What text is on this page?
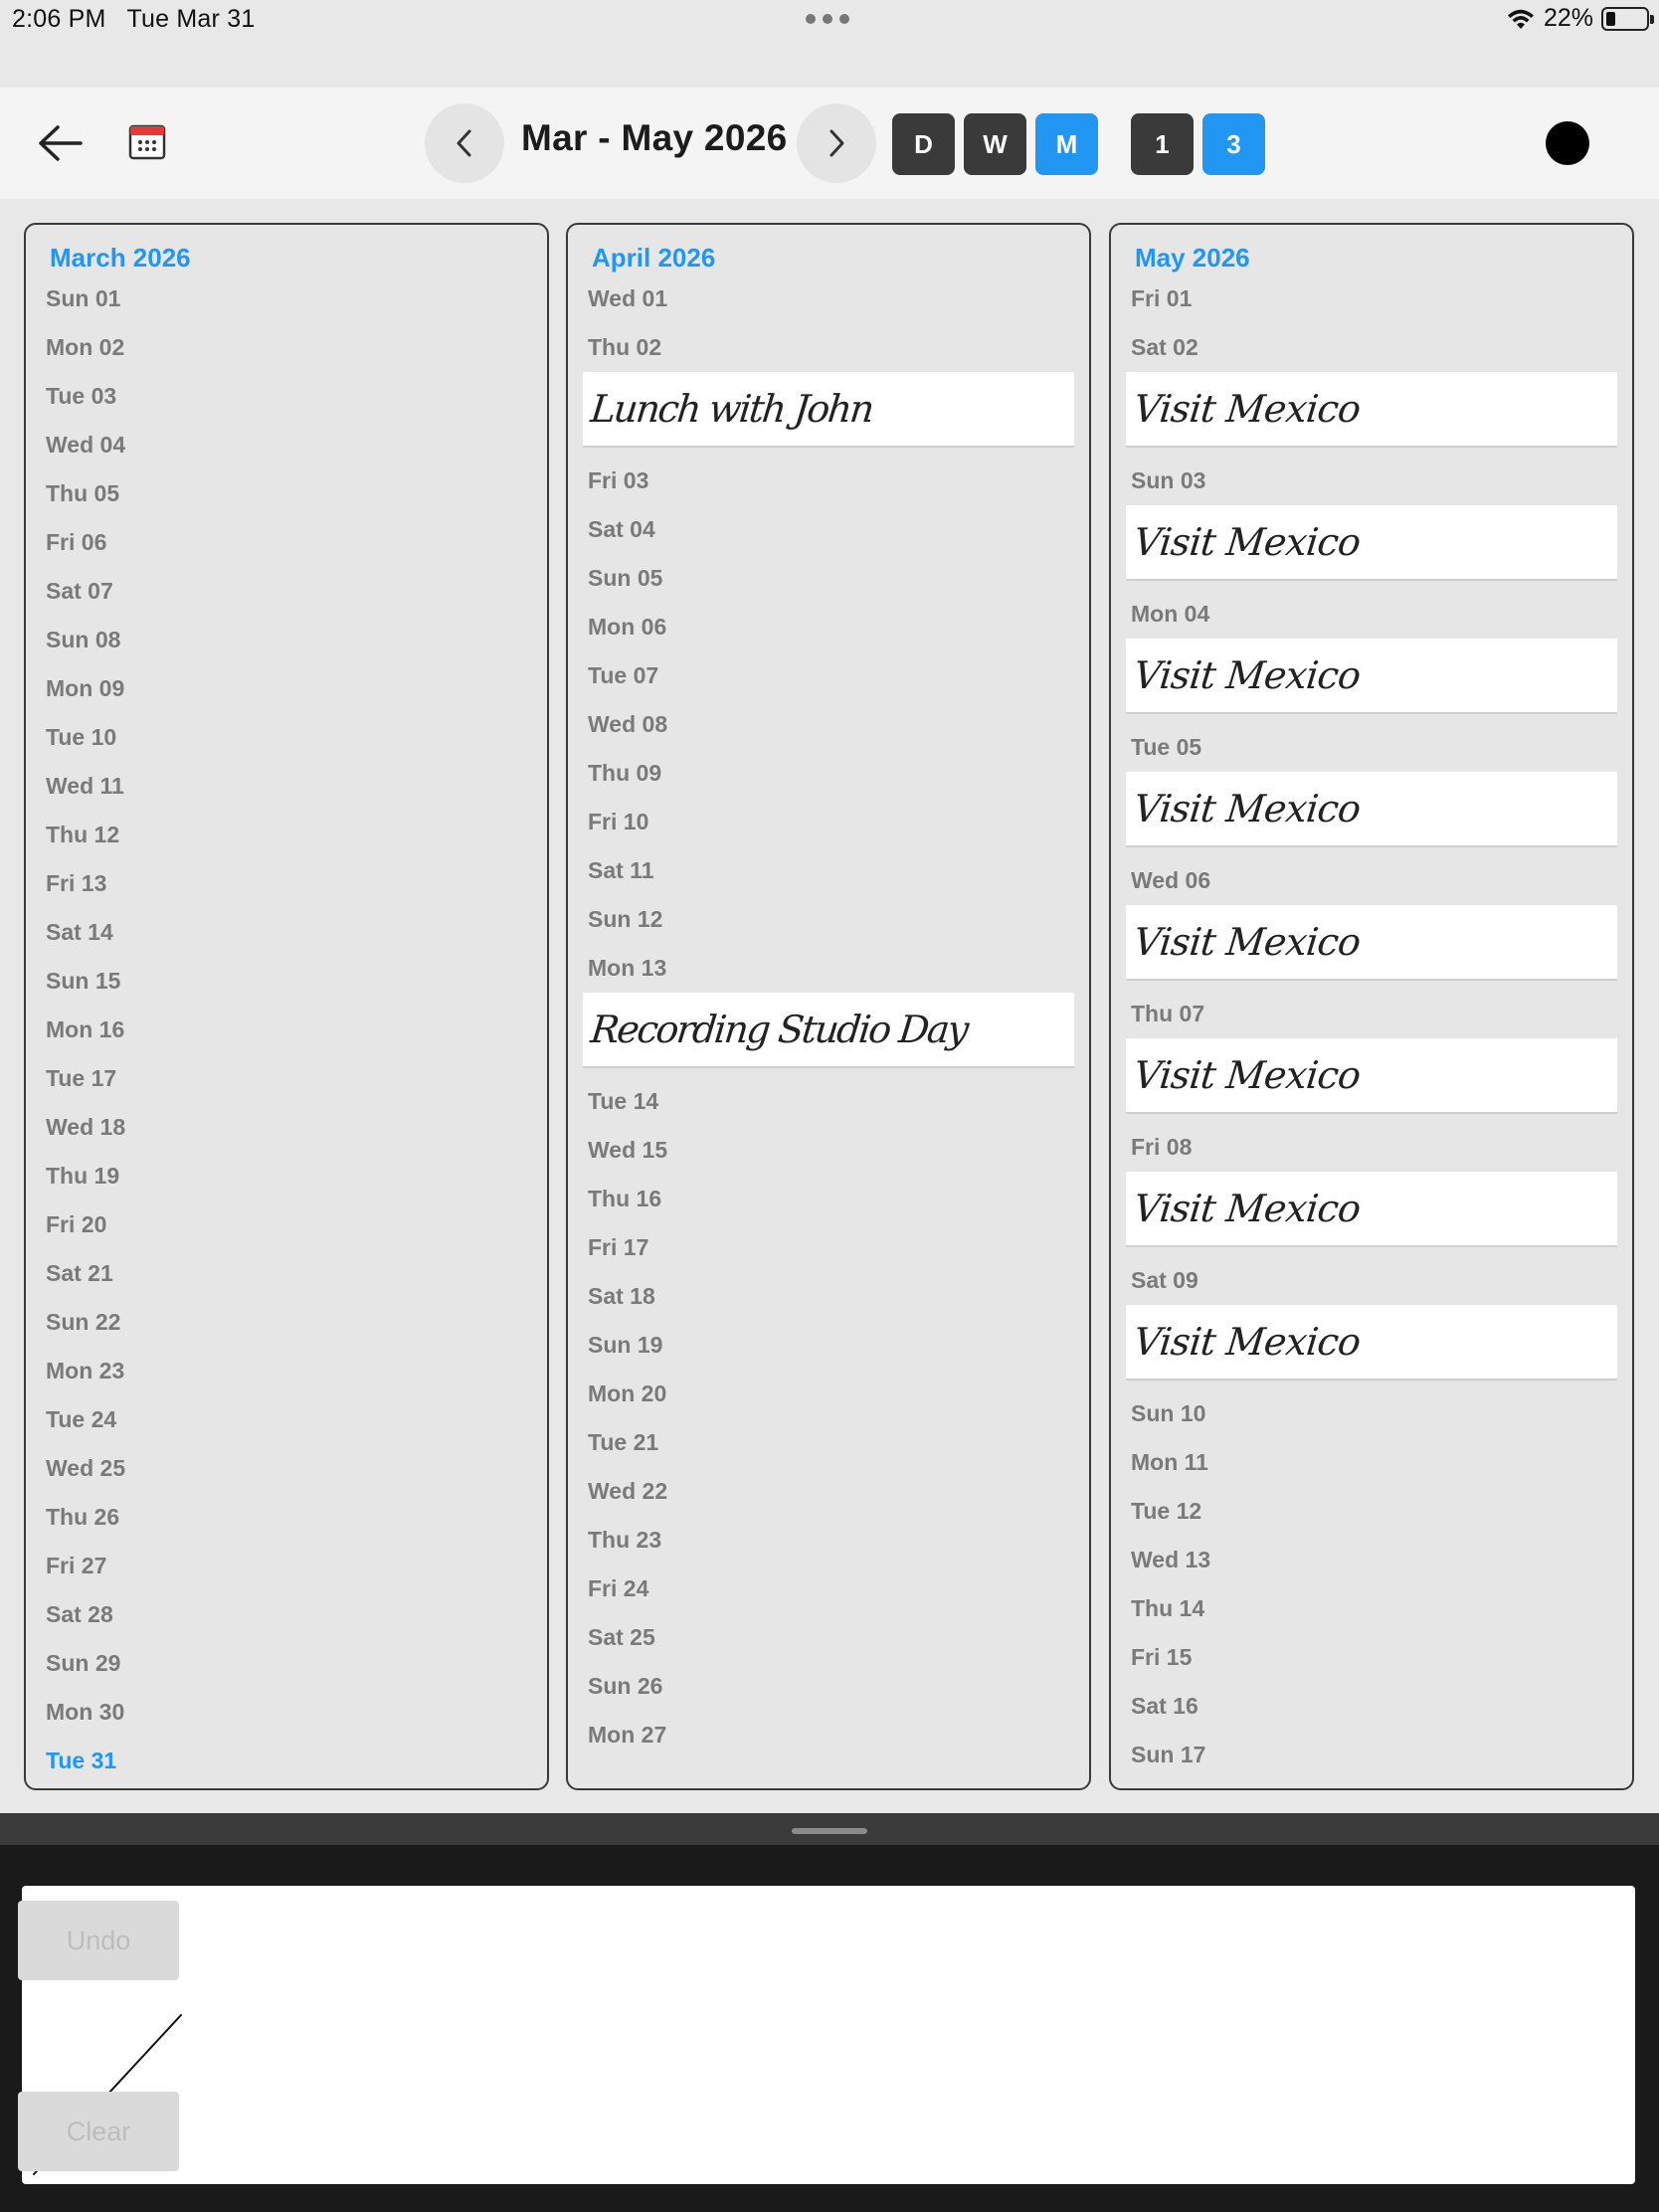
2:06 PM Tue Mar 31	22%
Mar - May 2026	D	W	M	1	3
March 2026
Sun 01
Mon 02
Tue 03
Wed 04
Thu 05
Fri 06
Sat 07
Sun 08
Mon 09
Tue 10
Wed 11
Thu 12
Fri 13
Sat 14
Sun 15
Mon 16
Tue 17
Wed 18
Thu 19
Fri 20
Sat 21
Sun 22
Mon 23
Tue 24
Wed 25
Thu 26
Fri 27
Sat 28
Sun 29
Mon 30
Tue 31
April 2026
Wed 01
Thu 02
Lunch with John
Fri 03
Sat 04
Sun 05
Mon 06
Tue 07
Wed 08
Thu 09
Fri 10
Sat 11
Sun 12
Mon 13
Recording Studio Day
Tue 14
Wed 15
Thu 16
Fri 17
Sat 18
Sun 19
Mon 20
Tue 21
Wed 22
Thu 23
Fri 24
Sat 25
Sun 26
Mon 27
May 2026
Fri 01
Sat 02
Visit Mexico
Sun 03
Visit Mexico
Mon 04
Visit Mexico
Tue 05
Visit Mexico
Wed 06
Visit Mexico
Thu 07
Visit Mexico
Fri 08
Visit Mexico
Sat 09
Visit Mexico
Sun 10
Mon 11
Tue 12
Wed 13
Thu 14
Fri 15
Sat 16
Sun 17
Undo
Clear
